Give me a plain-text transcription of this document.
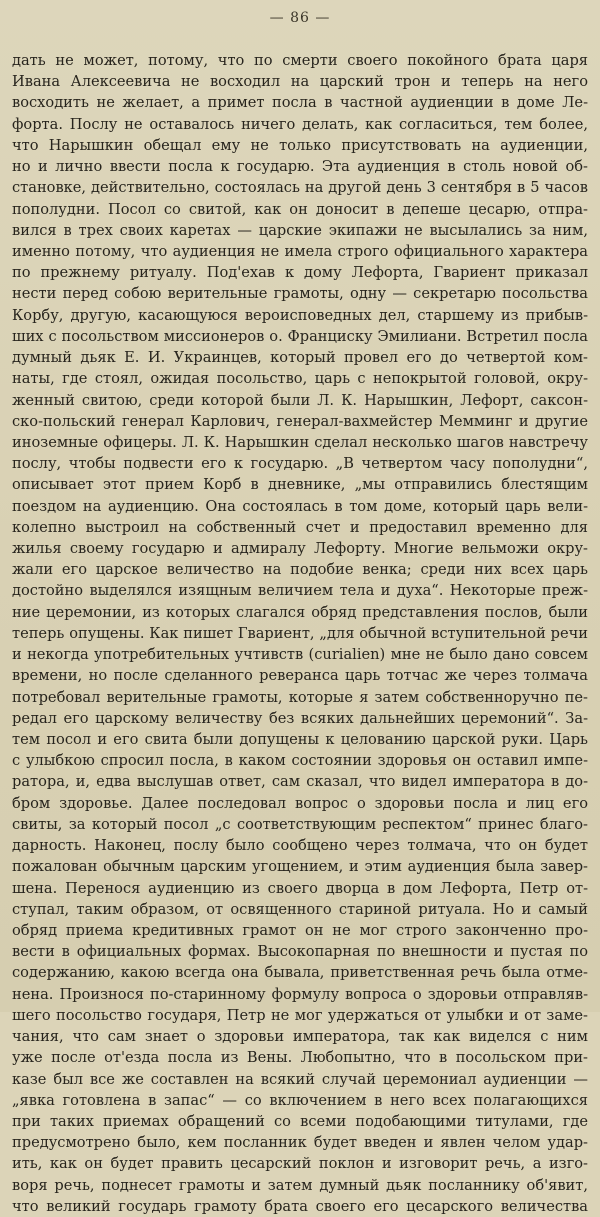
— 86 —
дать не может, потому, что по смерти своего покойного брата царя
Ивана Алексеевича не восходил на царский трон и теперь на него
восходить не желает, а примет посла в частной аудиенции в доме Ле-
форта. Послу не оставалось ничего делать, как согласиться, тем более,
что Нарышкин обещал ему не только присутствовать на аудиенции,
но и лично ввести посла к государю. Эта аудиенция в столь новой об-
становке, действительно, состоялась на другой день 3 сентября в 5 часов
пополудни. Посол со свитой, как он доносит в депеше цесарю, отпра-
вился в трех своих каретах — царские экипажи не высылались за ним,
именно потому, что аудиенция не имела строго официального характера
по прежнему ритуалу. Под'ехав к дому Лефорта, Гвариент приказал
нести перед собою верительные грамоты, одну — секретарю посольства
Корбу, другую, касающуюся вероисповедных дел, старшему из прибыв-
ших с посольством миссионеров о. Франциску Эмилиани. Встретил посла
думный дьяк Е. И. Украинцев, который провел его до четвертой ком-
наты, где стоял, ожидая посольство, царь с непокрытой головой, окру-
женный свитою, среди которой были Л. К. Нарышкин, Лефорт, саксон-
ско-польский генерал Карлович, генерал-вахмейстер Мемминг и другие
иноземные офицеры. Л. К. Нарышкин сделал несколько шагов навстречу
послу, чтобы подвести его к государю. „В четвертом часу пополудни“,
описывает этот прием Корб в дневнике, „мы отправились блестящим
поездом на аудиенцию. Она состоялась в том доме, который царь вели-
колепно выстроил на собственный счет и предоставил временно для
жилья своему государю и адмиралу Лефорту. Многие вельможи окру-
жали его царское величество на подобие венка; среди них всех царь
достойно выделялся изящным величием тела и духа“. Некоторые преж-
ние церемонии, из которых слагался обряд представления послов, были
теперь опущены. Как пишет Гвариент, „для обычной вступительной речи
и некогда употребительных учтивств (curialien) мне не было дано совсем
времени, но после сделанного реверанса царь тотчас же через толмача
потребовал верительные грамоты, которые я затем собственноручно пе-
редал его царскому величеству без всяких дальнейших церемоний“. За-
тем посол и его свита были допущены к целованию царской руки. Царь
с улыбкою спросил посла, в каком состоянии здоровья он оставил импе-
ратора, и, едва выслушав ответ, сам сказал, что видел императора в до-
бром здоровье. Далее последовал вопрос о здоровьи посла и лиц его
свиты, за который посол „с соответствующим респектом“ принес благо-
дарность. Наконец, послу было сообщено через толмача, что он будет
пожалован обычным царским угощением, и этим аудиенция была завер-
шена. Перенося аудиенцию из своего дворца в дом Лефорта, Петр от-
ступал, таким образом, от освященного стариной ритуала. Но и самый
обряд приема кредитивных грамот он не мог строго законченно про-
вести в официальных формах. Высокопарная по внешности и пустая по
содержанию, какою всегда она бывала, приветственная речь была отме-
нена. Произнося по-старинному формулу вопроса о здоровьи отправляв-
шего посольство государя, Петр не мог удержаться от улыбки и от заме-
чания, что сам знает о здоровьи императора, так как виделся с ним
уже после от'езда посла из Вены. Любопытно, что в посольском при-
казе был все же составлен на всякий случай церемониал аудиенции —
„явка готовлена в запас“ — со включением в него всех полагающихся
при таких приемах обращений со всеми подобающими титулами, где
предусмотрено было, кем посланник будет введен и явлен челом удар-
ить, как он будет править цесарский поклон и изговорит речь, а изго-
воря речь, поднесет грамоты и затем думный дьяк посланнику об'явит,
что великий государь грамоту брата своего его цесарского величества
